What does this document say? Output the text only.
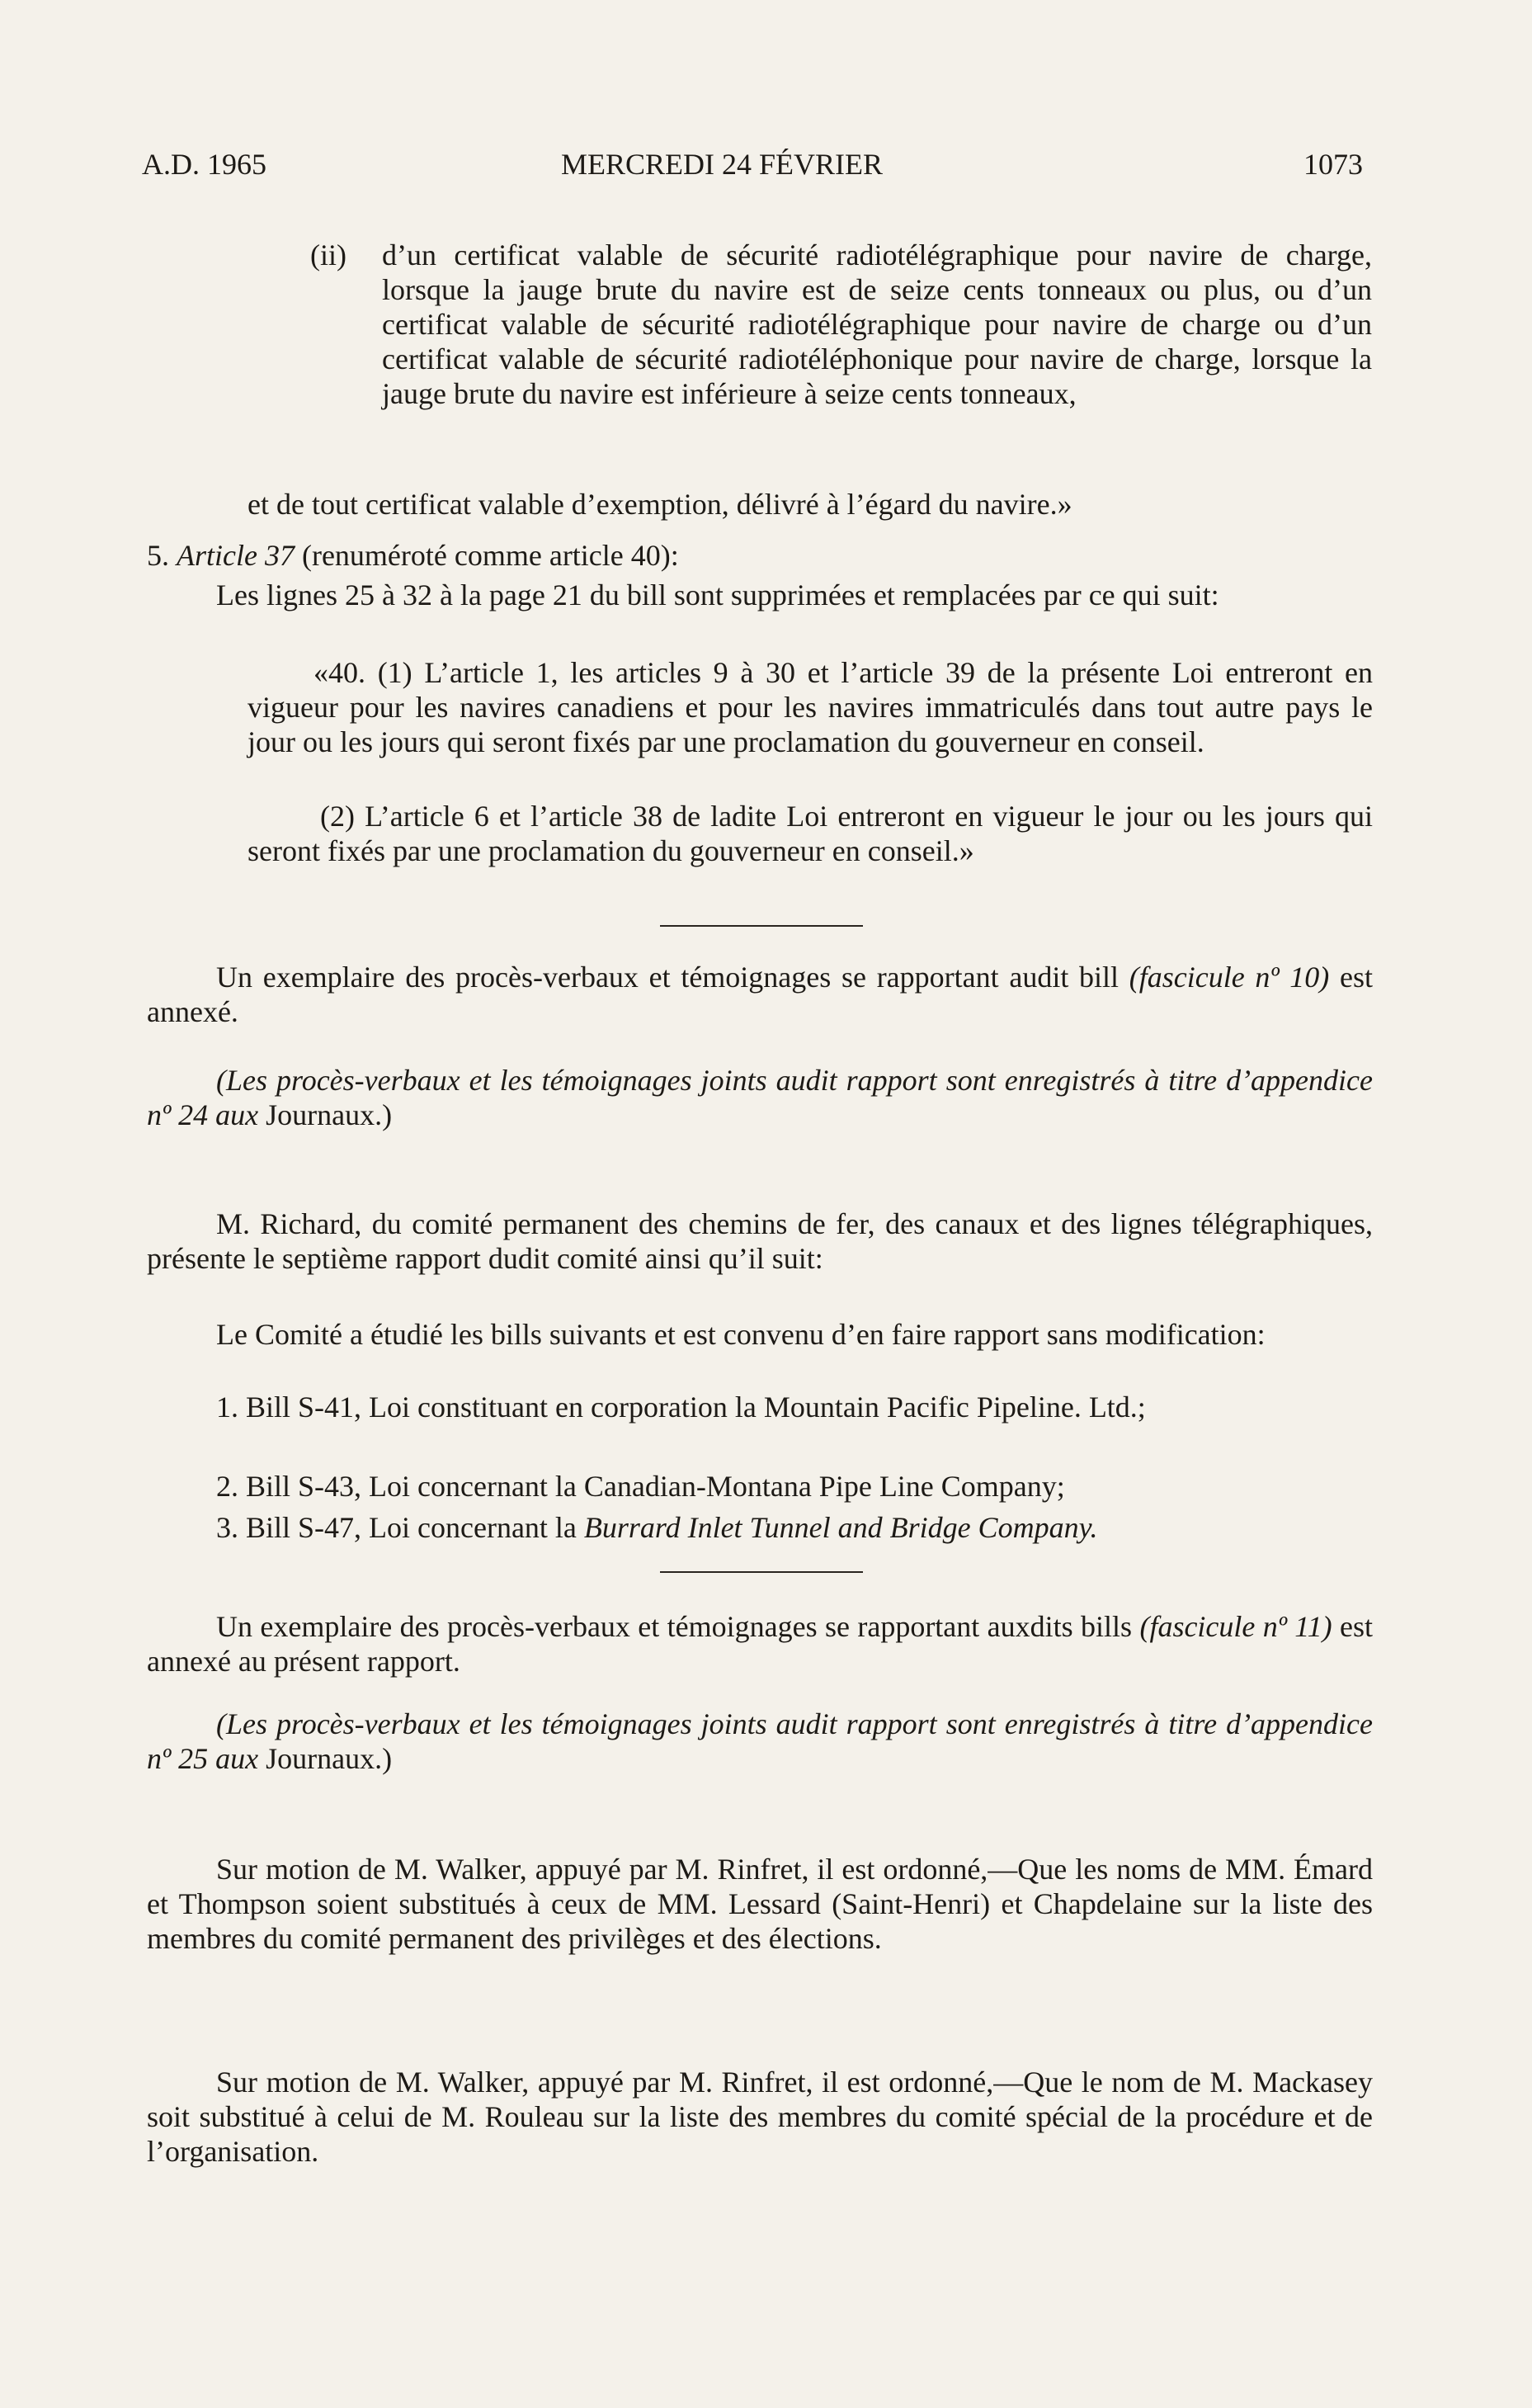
A.D. 1965	MERCREDI 24 FÉVRIER	1073
(ii) d’un certificat valable de sécurité radiotélégraphique pour navire de charge, lorsque la jauge brute du navire est de seize cents tonneaux ou plus, ou d’un certificat valable de sécurité radiotélégraphique pour navire de charge ou d’un certificat valable de sécurité radiotéléphonique pour navire de charge, lorsque la jauge brute du navire est inférieure à seize cents tonneaux,

et de tout certificat valable d’exemption, délivré à l’égard du navire.»

5. Article 37 (renuméroté comme article 40):

Les lignes 25 à 32 à la page 21 du bill sont supprimées et remplacées par ce qui suit:

«40. (1) L’article 1, les articles 9 à 30 et l’article 39 de la présente Loi entreront en vigueur pour les navires canadiens et pour les navires immatriculés dans tout autre pays le jour ou les jours qui seront fixés par une proclamation du gouverneur en conseil.

(2) L’article 6 et l’article 38 de ladite Loi entreront en vigueur le jour ou les jours qui seront fixés par une proclamation du gouverneur en conseil.»

Un exemplaire des procès-verbaux et témoignages se rapportant audit bill (fascicule nº 10) est annexé.

(Les procès-verbaux et les témoignages joints audit rapport sont enregistrés à titre d’appendice nº 24 aux Journaux.)

M. Richard, du comité permanent des chemins de fer, des canaux et des lignes télégraphiques, présente le septième rapport dudit comité ainsi qu’il suit:

Le Comité a étudié les bills suivants et est convenu d’en faire rapport sans modification:

1. Bill S-41, Loi constituant en corporation la Mountain Pacific Pipeline. Ltd.;

2. Bill S-43, Loi concernant la Canadian-Montana Pipe Line Company;

3. Bill S-47, Loi concernant la Burrard Inlet Tunnel and Bridge Company.

Un exemplaire des procès-verbaux et témoignages se rapportant auxdits bills (fascicule nº 11) est annexé au présent rapport.

(Les procès-verbaux et les témoignages joints audit rapport sont enregistrés à titre d’appendice nº 25 aux Journaux.)

Sur motion de M. Walker, appuyé par M. Rinfret, il est ordonné,—Que les noms de MM. Émard et Thompson soient substitués à ceux de MM. Lessard (Saint-Henri) et Chapdelaine sur la liste des membres du comité permanent des privilèges et des élections.

Sur motion de M. Walker, appuyé par M. Rinfret, il est ordonné,—Que le nom de M. Mackasey soit substitué à celui de M. Rouleau sur la liste des membres du comité spécial de la procédure et de l’organisation.
